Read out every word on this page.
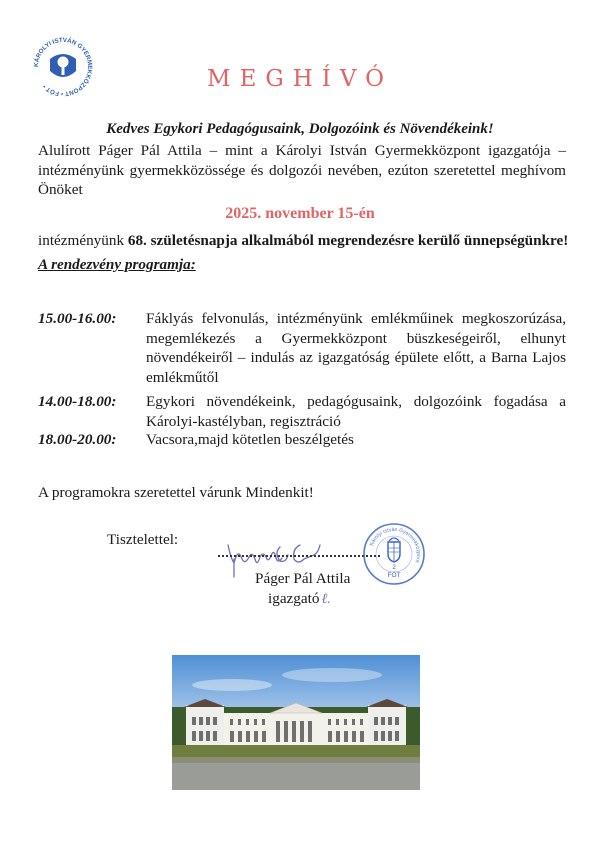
KÁROLYI ISTVÁN GYERMEKKÖZPONT • FÓT •	MEGHÍVÓ
Kedves Egykori Pedagógusaink, Dolgozóink és Növendékeink!
Alulírott Páger Pál Attila – mint a Károlyi István Gyermekközpont igazgatója – intézményünk gyermekközössége és dolgozói nevében, ezúton szeretettel meghívom Önöket
2025. november 15-én
intézményünk 68. születésnapja alkalmából megrendezésre kerülő ünnepségünkre!
A rendezvény programja:
15.00-16.00: Fáklyás felvonulás, intézményünk emlékműinek megkoszorúzása, megemlékezés a Gyermekközpont büszkeségeiről, elhunyt növendékeiről – indulás az igazgatóság épülete előtt, a Barna Lajos emlékműtől
14.00-18.00: Egykori növendékeink, pedagógusaink, dolgozóink fogadása a Károlyi-kastélyban, regisztráció
18.00-20.00: Vacsora,majd kötetlen beszélgetés
A programokra szeretettel várunk Mindenkit!
Tisztelettel:	Károlyi István Gyermekközpont
2
FÓT
Páger Pál Attila
igazgató ℓ.
